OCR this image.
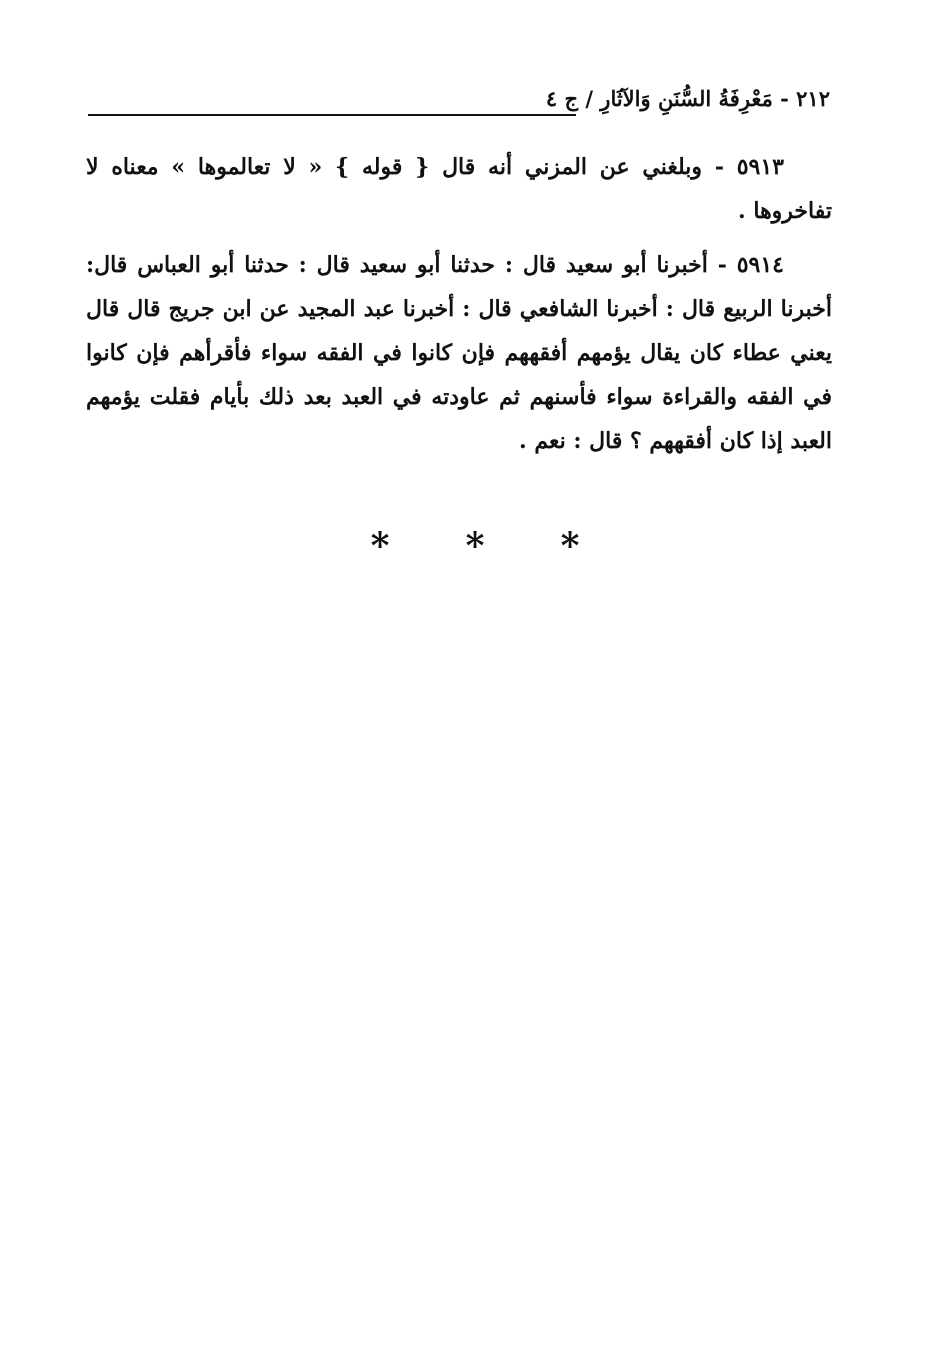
٢١٢ - مَعْرِفَةُ السُّنَنِ وَالآثَارِ / ج ٤

٥٩١٣ - وبلغني عن المزني أنه قال { قوله } « لا تعالموها » معناه لا تفاخروها .

٥٩١٤ - أخبرنا أبو سعيد قال : حدثنا أبو سعيد قال : حدثنا أبو العباس قال: أخبرنا الربيع قال : أخبرنا الشافعي قال : أخبرنا عبد المجيد عن ابن جريج قال قال يعني عطاء كان يقال يؤمهم أفقههم فإن كانوا في الفقه سواء فأقرأهم فإن كانوا في الفقه والقراءة سواء فأسنهم ثم عاودته في العبد بعد ذلك بأيام فقلت يؤمهم العبد إذا كان أفقههم ؟ قال : نعم .

* * *
